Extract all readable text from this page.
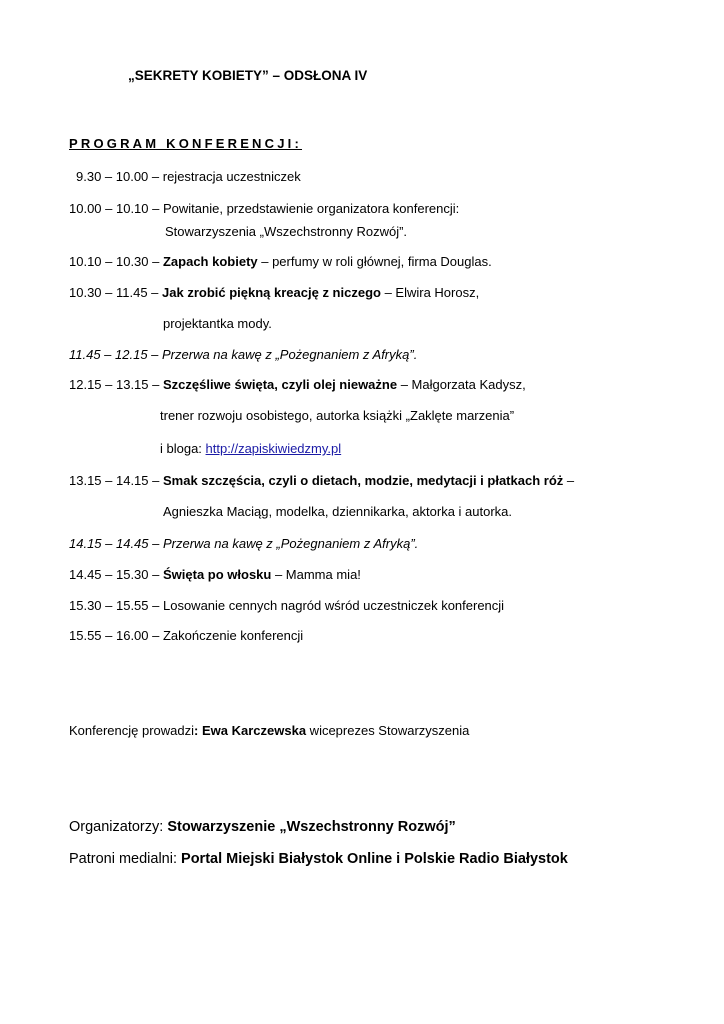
„SEKRETY KOBIETY” – ODSŁONA IV
PROGRAM KONFERENCJI:
9.30 – 10.00 – rejestracja uczestniczek
10.00 – 10.10 – Powitanie, przedstawienie organizatora konferencji:
Stowarzyszenia „Wszechstronny Rozwój”.
10.10 – 10.30 – Zapach kobiety – perfumy w roli głównej, firma Douglas.
10.30 – 11.45 – Jak zrobić piękną kreację z niczego – Elwira Horosz,
projektantka mody.
11.45 – 12.15 – Przerwa na kawę z „Pożegnaniem z Afryką”.
12.15 – 13.15 – Szczęśliwe święta, czyli olej nieważne – Małgorzata Kadysz,
trener rozwoju osobistego, autorka książki „Zaklęte marzenia”
i bloga: http://zapiskiwiedzmy.pl
13.15 – 14.15 – Smak szczęścia, czyli o dietach, modzie, medytacji i płatkach róż –
Agnieszka Maciąg, modelka, dziennikarka, aktorka i autorka.
14.15 – 14.45 – Przerwa na kawę z „Pożegnaniem z Afryką”.
14.45 – 15.30 – Święta po włosku – Mamma mia!
15.30 – 15.55 – Losowanie cennych nagród wśród uczestniczek konferencji
15.55 – 16.00 – Zakończenie konferencji
Konferencję prowadzi: Ewa Karczewska wiceprezes Stowarzyszenia
Organizatorzy: Stowarzyszenie „Wszechstronny Rozwój”
Patroni medialni: Portal Miejski Białystok Online i Polskie Radio Białystok
